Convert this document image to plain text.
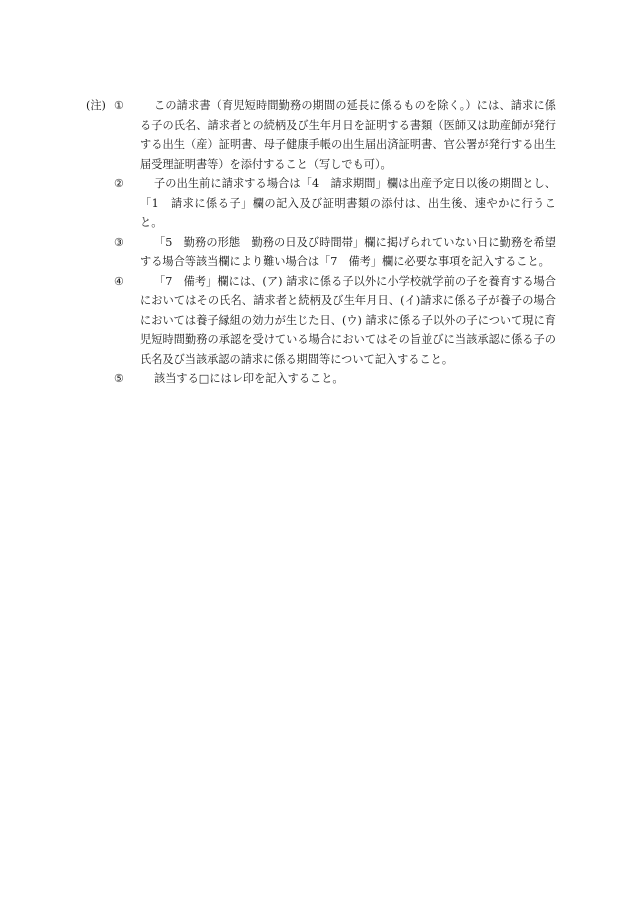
(注) ①	この請求書（育児短時間勤務の期間の延長に係るものを除く。）には、請求に係る子の氏名、請求者との続柄及び生年月日を証明する書類（医師又は助産師が発行する出生（産）証明書、母子健康手帳の出生届出済証明書、官公署が発行する出生届受理証明書等）を添付すること（写しでも可）。
②	子の出生前に請求する場合は「4　請求期間」欄は出産予定日以後の期間とし、「1　請求に係る子」欄の記入及び証明書類の添付は、出生後、速やかに行うこと。
③	「5　勤務の形態　勤務の日及び時間帯」欄に掲げられていない日に勤務を希望する場合等該当欄により難い場合は「7　備考」欄に必要な事項を記入すること。
④	「7　備考」欄には、(ア) 請求に係る子以外に小学校就学前の子を養育する場合においてはその氏名、請求者と続柄及び生年月日、(イ)請求に係る子が養子の場合においては養子縁組の効力が生じた日、(ウ) 請求に係る子以外の子について現に育児短時間勤務の承認を受けている場合においてはその旨並びに当該承認に係る子の氏名及び当該承認の請求に係る期間等について記入すること。
⑤	該当する□にはレ印を記入すること。
